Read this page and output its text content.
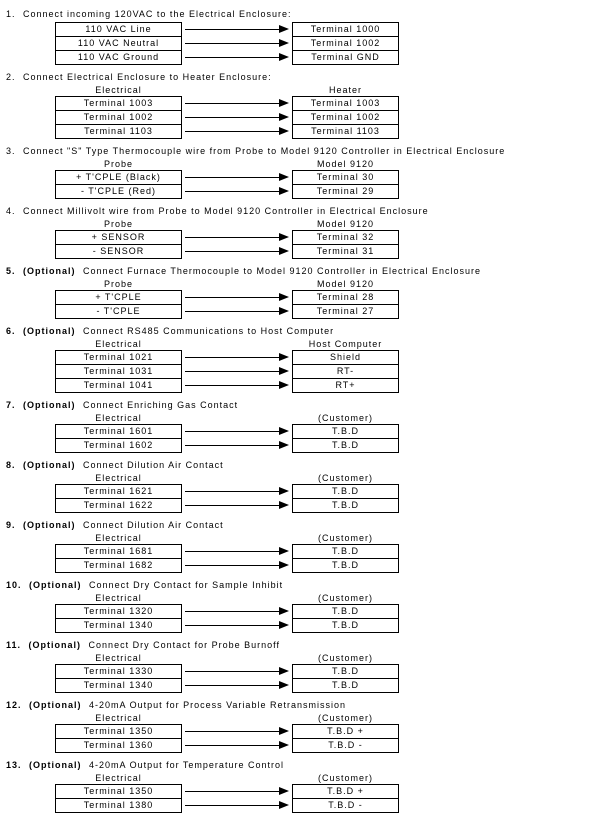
1. Connect incoming 120VAC to the Electrical Enclosure:
110 VAC Line	Terminal 1000
110 VAC Neutral	Terminal 1002
110 VAC Ground	Terminal GND
2. Connect Electrical Enclosure to Heater Enclosure:
Electrical	Heater
Terminal 1003	Terminal 1003
Terminal 1002	Terminal 1002
Terminal 1103	Terminal 1103
3. Connect "S" Type Thermocouple wire from Probe to Model 9120 Controller in Electrical Enclosure
Probe	Model 9120
+ T'CPLE (Black)	Terminal 30
- T'CPLE (Red)	Terminal 29
4. Connect Millivolt wire from Probe to Model 9120 Controller in Electrical Enclosure
Probe	Model 9120
+ SENSOR	Terminal 32
- SENSOR	Terminal 31
5. (Optional) Connect Furnace Thermocouple to Model 9120 Controller in Electrical Enclosure
Probe	Model 9120
+ T'CPLE	Terminal 28
- T'CPLE	Terminal 27
6. (Optional) Connect RS485 Communications to Host Computer
Electrical	Host Computer
Terminal 1021	Shield
Terminal 1031	RT-
Terminal 1041	RT+
7. (Optional) Connect Enriching Gas Contact
Electrical	(Customer)
Terminal 1601	T.B.D
Terminal 1602	T.B.D
8. (Optional) Connect Dilution Air Contact
Electrical	(Customer)
Terminal 1621	T.B.D
Terminal 1622	T.B.D
9. (Optional) Connect Dilution Air Contact
Electrical	(Customer)
Terminal 1681	T.B.D
Terminal 1682	T.B.D
10. (Optional) Connect Dry Contact for Sample Inhibit
Electrical	(Customer)
Terminal 1320	T.B.D
Terminal 1340	T.B.D
11. (Optional) Connect Dry Contact for Probe Burnoff
Electrical	(Customer)
Terminal 1330	T.B.D
Terminal 1340	T.B.D
12. (Optional) 4-20mA Output for Process Variable Retransmission
Electrical	(Customer)
Terminal 1350	T.B.D +
Terminal 1360	T.B.D -
13. (Optional) 4-20mA Output for Temperature Control
Electrical	(Customer)
Terminal 1350	T.B.D +
Terminal 1380	T.B.D -
